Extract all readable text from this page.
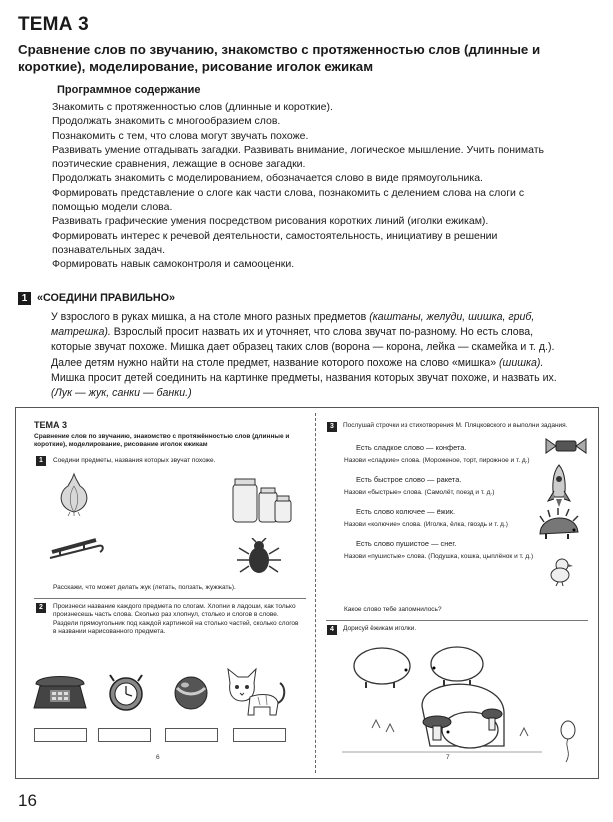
ТЕМА 3
Сравнение слов по звучанию, знакомство с протяженностью слов (длинные и короткие), моделирование, рисование иголок ежикам
Программное содержание
Знакомить с протяженностью слов (длинные и короткие).
Продолжать знакомить с многообразием слов.
Познакомить с тем, что слова могут звучать похоже.
Развивать умение отгадывать загадки. Развивать внимание, логическое мышление. Учить понимать поэтические сравнения, лежащие в основе загадки.
Продолжать знакомить с моделированием, обозначается слово в виде прямоугольника.
Формировать представление о слоге как части слова, познакомить с делением слова на слоги с помощью модели слова.
Развивать графические умения посредством рисования коротких линий (иголки ежикам).
Формировать интерес к речевой деятельности, самостоятельность, инициативу в решении познавательных задач.
Формировать навык самоконтроля и самооценки.
1 «СОЕДИНИ ПРАВИЛЬНО»

У взрослого в руках мишка, а на столе много разных предметов (каштаны, желуди, шишка, гриб, матрешка). Взрослый просит назвать их и уточняет, что слова звучат по-разному. Но есть слова, которые звучат похоже. Мишка дает образец таких слов (ворона — корона, лейка — скамейка и т. д.). Далее детям нужно найти на столе предмет, название которого похоже на слово «мишка» (шишка). Мишка просит детей соединить на картинке предметы, названия которых звучат похоже, и назвать их. (Лук — жук, санки — банки.)

ТЕМА 3
Сравнение слов по звучанию, знакомство с протяжённостью слов (длинные и короткие), моделирование, рисование иголок ежикам
1	Соедини предметы, названия которых звучат похоже.
Расскажи, что может делать жук (летать, ползать, жужжать).
2	Произнеси название каждого предмета по слогам. Хлопни в ладоши, как только произнесешь часть слова. Сколько раз хлопнул, столько и слогов в слове. Раздели прямоугольник под каждой картинкой на столько частей, сколько слогов в названии нарисованного предмета.
6
3	Послушай строчки из стихотворения М. Пляцковского и выполни задания.
Есть сладкое слово — конфета.
Назови «сладкие» слова. (Мороженое, торт, пирожное и т. д.)
Есть быстрое слово — ракета.
Назови «быстрые» слова. (Самолёт, поезд и т. д.)
Есть слово колючее — ёжик.
Назови «колючие» слова. (Иголка, ёлка, гвоздь и т. д.)
Есть слово пушистое — снег.
Назови «пушистые» слова. (Подушка, кошка, цыплёнок и т. д.)
Какое слово тебе запомнилось?
4	Дорисуй ёжикам иголки.
7
16
